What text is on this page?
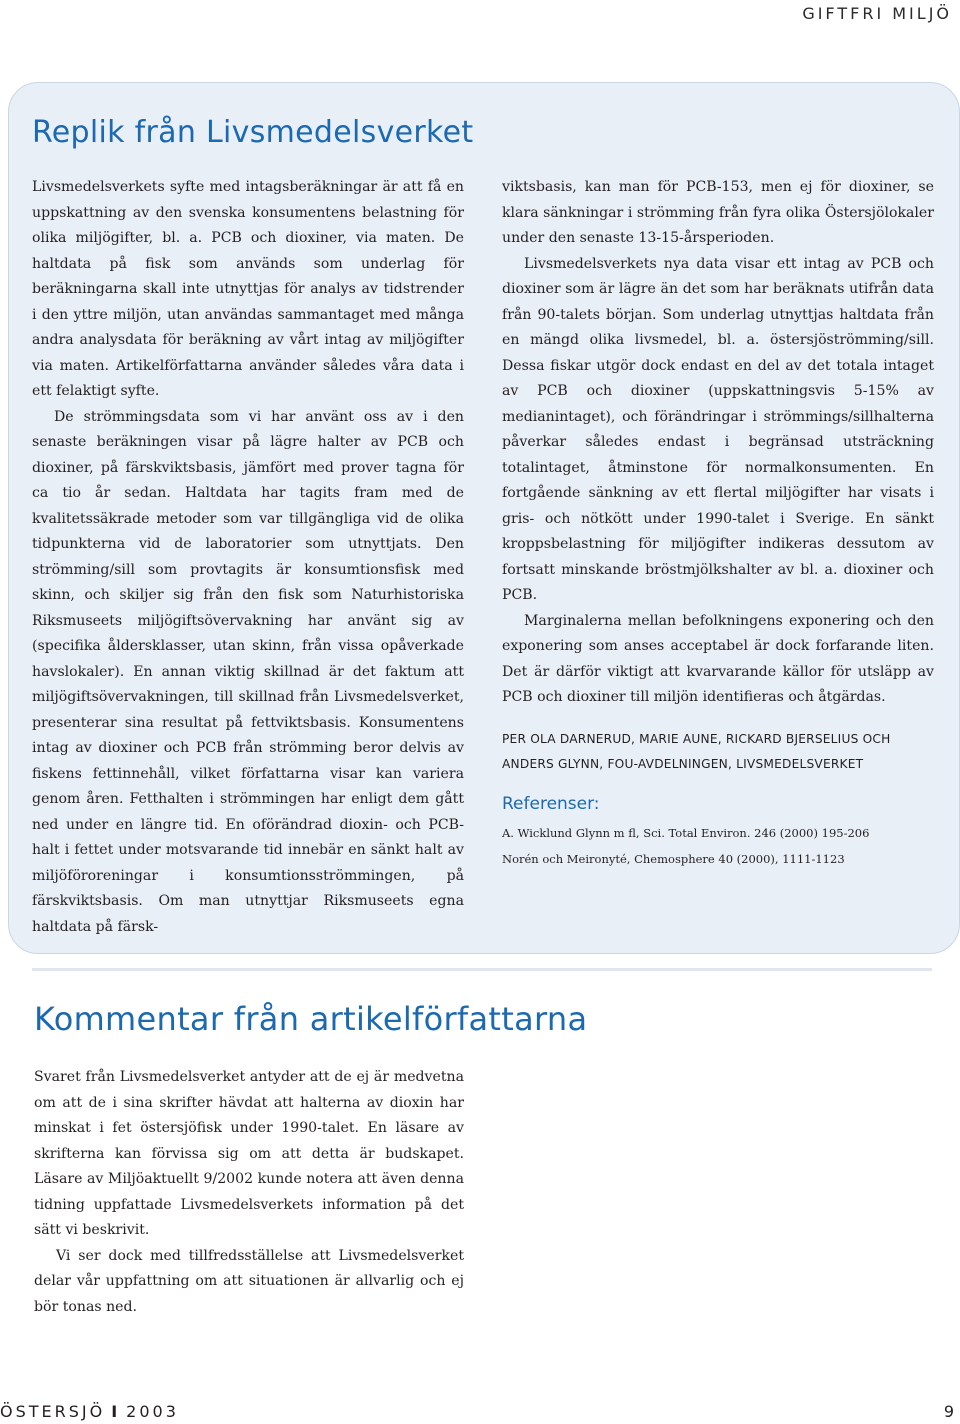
GIFTFRI MILJÖ
Replik från Livsmedelsverket

Livsmedelsverkets syfte med intagsberäkningar är att få en uppskattning av den svenska konsumentens belastning för olika miljögifter, bl. a. PCB och dioxiner, via maten. De haltdata på fisk som används som underlag för beräkningarna skall inte utnyttjas för analys av tidstrender i den yttre miljön, utan användas sammantaget med många andra analysdata för beräkning av vårt intag av miljögifter via maten. Artikelförfattarna använder således våra data i ett felaktigt syfte.

De strömmingsdata som vi har använt oss av i den senaste beräkningen visar på lägre halter av PCB och dioxiner, på färskviktsbasis, jämfört med prover tagna för ca tio år sedan. Haltdata har tagits fram med de kvalitetssäkrade metoder som var tillgängliga vid de olika tidpunkterna vid de laboratorier som utnyttjats. Den strömming/sill som provtagits är konsumtionsfisk med skinn, och skiljer sig från den fisk som Naturhistoriska Riksmuseets miljögiftsövervakning har använt sig av (specifika åldersklasser, utan skinn, från vissa opåverkade havslokaler). En annan viktig skillnad är det faktum att miljögiftsövervakningen, till skillnad från Livsmedelsverket, presenterar sina resultat på fettviktsbasis. Konsumentens intag av dioxiner och PCB från strömming beror delvis av fiskens fettinnehåll, vilket författarna visar kan variera genom åren. Fetthalten i strömmingen har enligt dem gått ned under en längre tid. En oförändrad dioxin- och PCB-halt i fettet under motsvarande tid innebär en sänkt halt av miljöföroreningar i konsumtionsströmmingen, på färskviktsbasis. Om man utnyttjar Riksmuseets egna haltdata på färsk-

viktsbasis, kan man för PCB-153, men ej för dioxiner, se klara sänkningar i strömming från fyra olika Östersjölokaler under den senaste 13-15-årsperioden.

Livsmedelsverkets nya data visar ett intag av PCB och dioxiner som är lägre än det som har beräknats utifrån data från 90-talets början. Som underlag utnyttjas haltdata från en mängd olika livsmedel, bl. a. östersjöströmming/sill. Dessa fiskar utgör dock endast en del av det totala intaget av PCB och dioxiner (uppskattningsvis 5-15% av medianintaget), och förändringar i strömmings/sillhalterna påverkar således endast i begränsad utsträckning totalintaget, åtminstone för normalkonsumenten. En fortgående sänkning av ett flertal miljögifter har visats i gris- och nötkött under 1990-talet i Sverige. En sänkt kroppsbelastning för miljögifter indikeras dessutom av fortsatt minskande bröstmjölkshalter av bl. a. dioxiner och PCB.

Marginalerna mellan befolkningens exponering och den exponering som anses acceptabel är dock forfarande liten. Det är därför viktigt att kvarvarande källor för utsläpp av PCB och dioxiner till miljön identifieras och åtgärdas.

PER OLA DARNERUD, MARIE AUNE, RICKARD BJERSELIUS OCH
ANDERS GLYNN, FOU-AVDELNINGEN, LIVSMEDELSVERKET

Referenser:

A. Wicklund Glynn m fl, Sci. Total Environ. 246 (2000) 195-206

Norén och Meironyté, Chemosphere 40 (2000), 1111-1123

Kommentar från artikelförfattarna

Svaret från Livsmedelsverket antyder att de ej är medvetna om att de i sina skrifter hävdat att halterna av dioxin har minskat i fet östersjöfisk under 1990-talet. En läsare av skrifterna kan förvissa sig om att detta är budskapet. Läsare av Miljöaktuellt 9/2002 kunde notera att även denna tidning uppfattade Livsmedelsverkets information på det sätt vi beskrivit.

Vi ser dock med tillfredsställelse att Livsmedelsverket delar vår uppfattning om att situationen är allvarlig och ej bör tonas ned.

ÖSTERSJÖ I 2003	9
